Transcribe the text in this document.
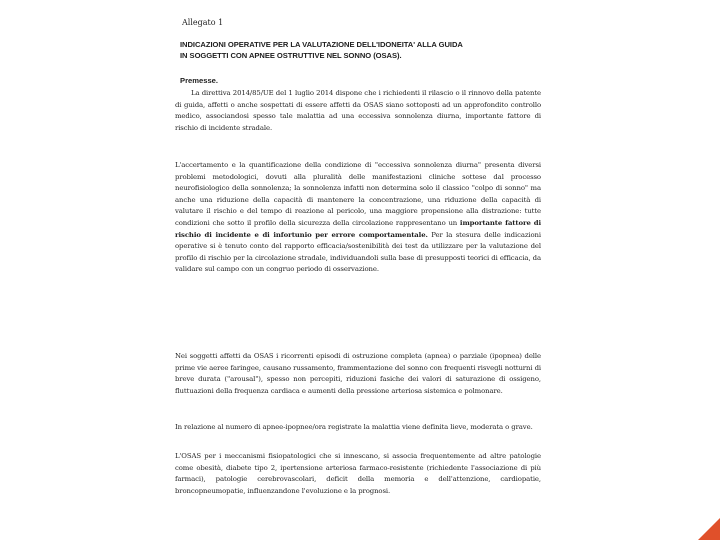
Allegato 1
INDICAZIONI OPERATIVE PER LA VALUTAZIONE DELL'IDONEITA' ALLA GUIDA
IN SOGGETTI CON APNEE OSTRUTTIVE NEL SONNO (OSAS).
Premesse.
La direttiva 2014/85/UE del 1 luglio 2014 dispone che i richiedenti il rilascio o il rinnovo della patente di guida, affetti o anche sospettati di essere affetti da OSAS siano sottoposti ad un approfondito controllo medico, associandosi spesso tale malattia ad una eccessiva sonnolenza diurna, importante fattore di rischio di incidente stradale.
L'accertamento e la quantificazione della condizione di "eccessiva sonnolenza diurna" presenta diversi problemi metodologici, dovuti alla pluralità delle manifestazioni cliniche sottese dal processo neurofisiologico della sonnolenza; la sonnolenza infatti non determina solo il classico "colpo di sonno" ma anche una riduzione della capacità di mantenere la concentrazione, una riduzione della capacità di valutare il rischio e del tempo di reazione al pericolo, una maggiore propensione alla distrazione: tutte condizioni che sotto il profilo della sicurezza della circolazione rappresentano un importante fattore di rischio di incidente e di infortunio per errore comportamentale. Per la stesura delle indicazioni operative si è tenuto conto del rapporto efficacia/sostenibilità dei test da utilizzare per la valutazione del profilo di rischio per la circolazione stradale, individuandoli sulla base di presupposti teorici di efficacia, da validare sul campo con un congruo periodo di osservazione.
Nei soggetti affetti da OSAS i ricorrenti episodi di ostruzione completa (apnea) o parziale (ipopnea) delle prime vie aeree faringee, causano russamento, frammentazione del sonno con frequenti risvegli notturni di breve durata ("arousal"), spesso non percepiti, riduzioni fasiche dei valori di saturazione di ossigeno, fluttuazioni della frequenza cardiaca e aumenti della pressione arteriosa sistemica e polmonare.
In relazione al numero di apnee-ipopnee/ora registrate la malattia viene definita lieve, moderata o grave.
L'OSAS per i meccanismi fisiopatologici che si innescano, si associa frequentemente ad altre patologie come obesità, diabete tipo 2, ipertensione arteriosa farmaco-resistente (richiedente l'associazione di più farmaci), patologie cerebrovascolari, deficit della memoria e dell'attenzione, cardiopatie, broncopneumopatie, influenzandone l'evoluzione e la prognosi.
